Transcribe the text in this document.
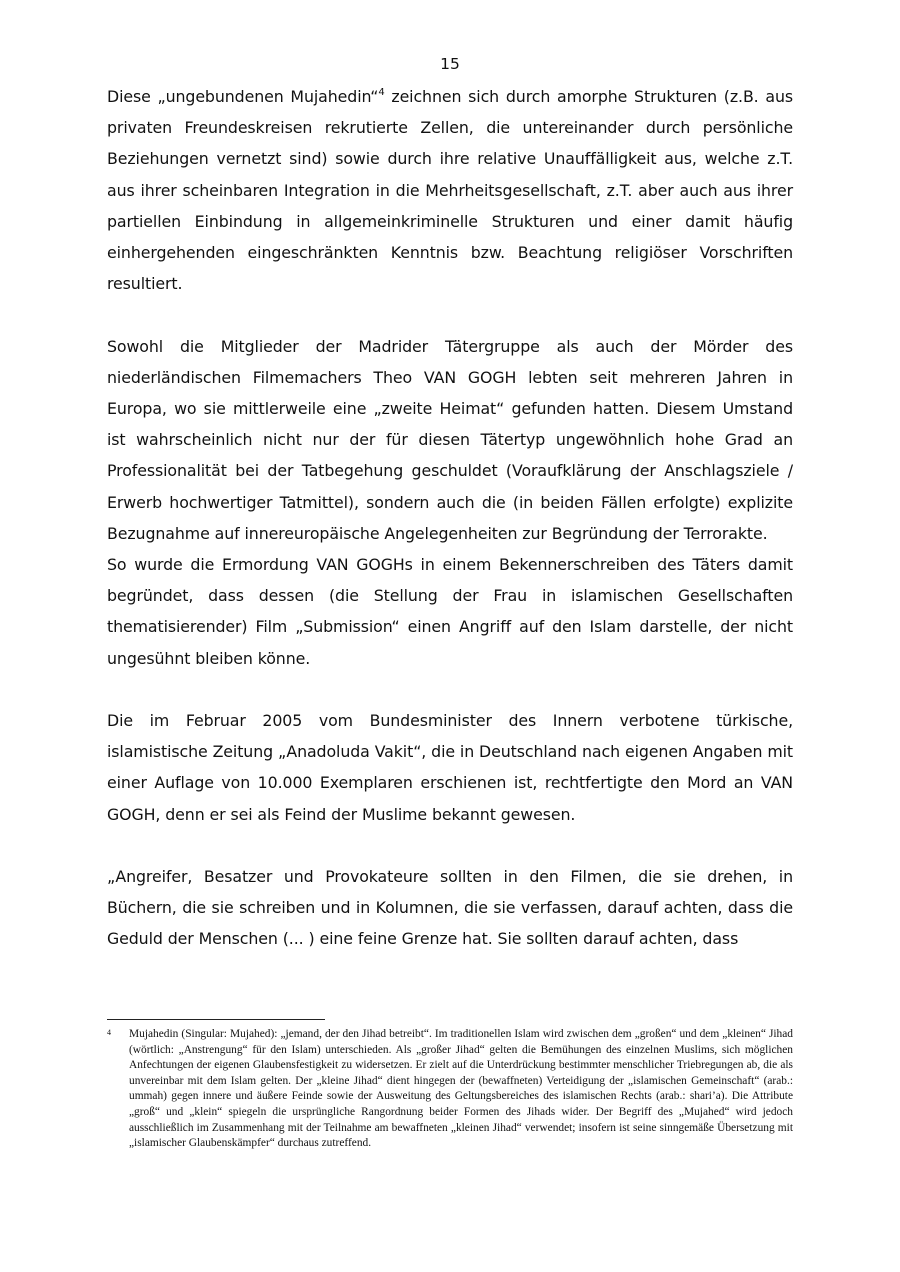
15

Diese „ungebundenen Mujahedin“$^4$ zeichnen sich durch amorphe Strukturen (z.B. aus privaten Freundeskreisen rekrutierte Zellen, die untereinander durch persönliche Beziehungen vernetzt sind) sowie durch ihre relative Unauffälligkeit aus, welche z.T. aus ihrer scheinbaren Integration in die Mehrheitsgesellschaft, z.T. aber auch aus ihrer partiellen Einbindung in allgemeinkriminelle Strukturen und einer damit häufig einhergehenden eingeschränkten Kenntnis bzw. Beachtung religiöser Vorschriften resultiert.

Sowohl die Mitglieder der Madrider Tätergruppe als auch der Mörder des niederländischen Filmemachers Theo VAN GOGH lebten seit mehreren Jahren in Europa, wo sie mittlerweile eine „zweite Heimat“ gefunden hatten. Diesem Umstand ist wahrscheinlich nicht nur der für diesen Tätertyp ungewöhnlich hohe Grad an Professionalität bei der Tatbegehung geschuldet (Voraufklärung der Anschlagsziele / Erwerb hochwertiger Tatmittel), sondern auch die (in beiden Fällen erfolgte) explizite Bezugnahme auf innereuropäische Angelegenheiten zur Begründung der Terrorakte.

So wurde die Ermordung VAN GOGHs in einem Bekennerschreiben des Täters damit begründet, dass dessen (die Stellung der Frau in islamischen Gesellschaften thematisierender) Film „Submission“ einen Angriff auf den Islam darstelle, der nicht ungesühnt bleiben könne.

Die im Februar 2005 vom Bundesminister des Innern verbotene türkische, islamistische Zeitung „Anadoluda Vakit“, die in Deutschland nach eigenen Angaben mit einer Auflage von 10.000 Exemplaren erschienen ist, rechtfertigte den Mord an VAN GOGH, denn er sei als Feind der Muslime bekannt gewesen.

„Angreifer, Besatzer und Provokateure sollten in den Filmen, die sie drehen, in Büchern, die sie schreiben und in Kolumnen, die sie verfassen, darauf achten, dass die Geduld der Menschen (... ) eine feine Grenze hat. Sie sollten darauf achten, dass

4 Mujahedin (Singular: Mujahed): „jemand, der den Jihad betreibt“. Im traditionellen Islam wird zwischen dem „großen“ und dem „kleinen“ Jihad (wörtlich: „Anstrengung“ für den Islam) unterschieden. Als „großer Jihad“ gelten die Bemühungen des einzelnen Muslims, sich möglichen Anfechtungen der eigenen Glaubensfestigkeit zu widersetzen. Er zielt auf die Unterdrückung bestimmter menschlicher Triebregungen ab, die als unvereinbar mit dem Islam gelten. Der „kleine Jihad“ dient hingegen der (bewaffneten) Verteidigung der „islamischen Gemeinschaft“ (arab.: ummah) gegen innere und äußere Feinde sowie der Ausweitung des Geltungsbereiches des islamischen Rechts (arab.: shari’a). Die Attribute „groß“ und „klein“ spiegeln die ursprüngliche Rangordnung beider Formen des Jihads wider. Der Begriff des „Mujahed“ wird jedoch ausschließlich im Zusammenhang mit der Teilnahme am bewaffneten „kleinen Jihad“ verwendet; insofern ist seine sinngemäße Übersetzung mit „islamischer Glaubenskämpfer“ durchaus zutreffend.
